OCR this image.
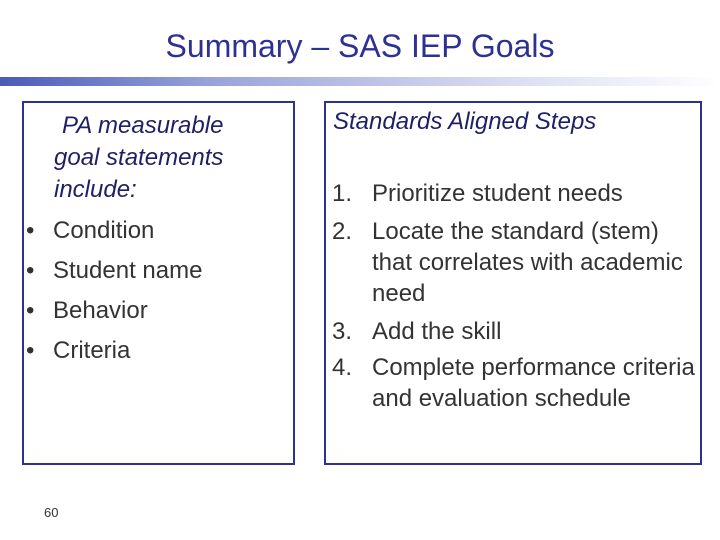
Summary – SAS IEP Goals
PA measurable
goal statements
include:
• Condition
• Student name
• Behavior
• Criteria
Standards Aligned Steps
1. Prioritize student needs
2. Locate the standard (stem) that correlates with academic need
3. Add the skill
4. Complete performance criteria and evaluation schedule
60
